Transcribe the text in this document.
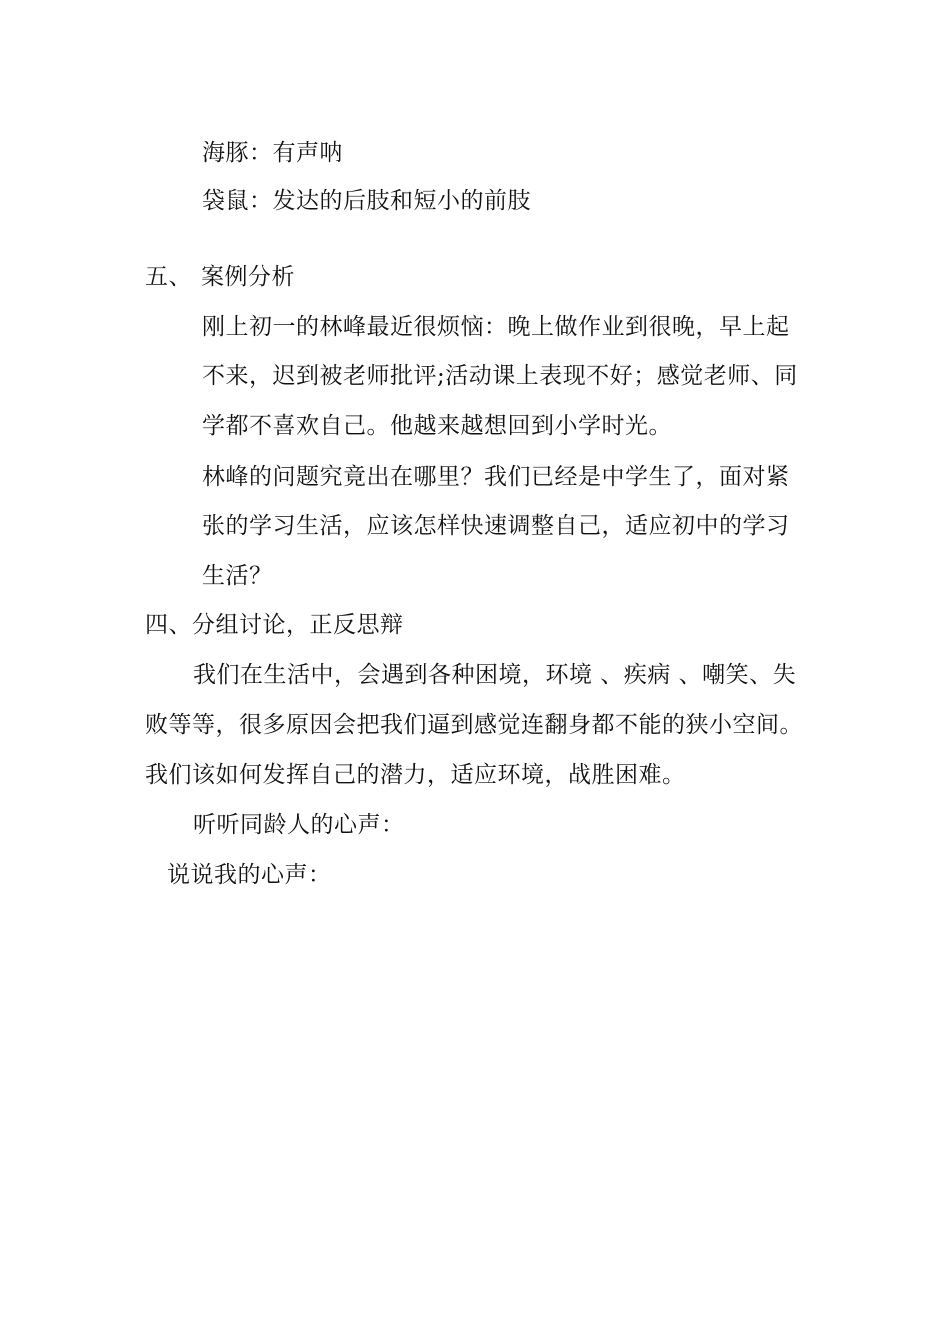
海豚：有声呐
袋鼠：发达的后肢和短小的前肢
五、 案例分析
刚上初一的林峰最近很烦恼：晚上做作业到很晚，早上起
不来，迟到被老师批评;活动课上表现不好；感觉老师、同
学都不喜欢自己。他越来越想回到小学时光。
林峰的问题究竟出在哪里？我们已经是中学生了，面对紧
张的学习生活，应该怎样快速调整自己，适应初中的学习
生活？
四、分组讨论，正反思辩
我们在生活中，会遇到各种困境，环境 、疾病 、嘲笑、失
败等等，很多原因会把我们逼到感觉连翻身都不能的狭小空间。
我们该如何发挥自己的潜力，适应环境，战胜困难。
听听同龄人的心声：
说说我的心声：
